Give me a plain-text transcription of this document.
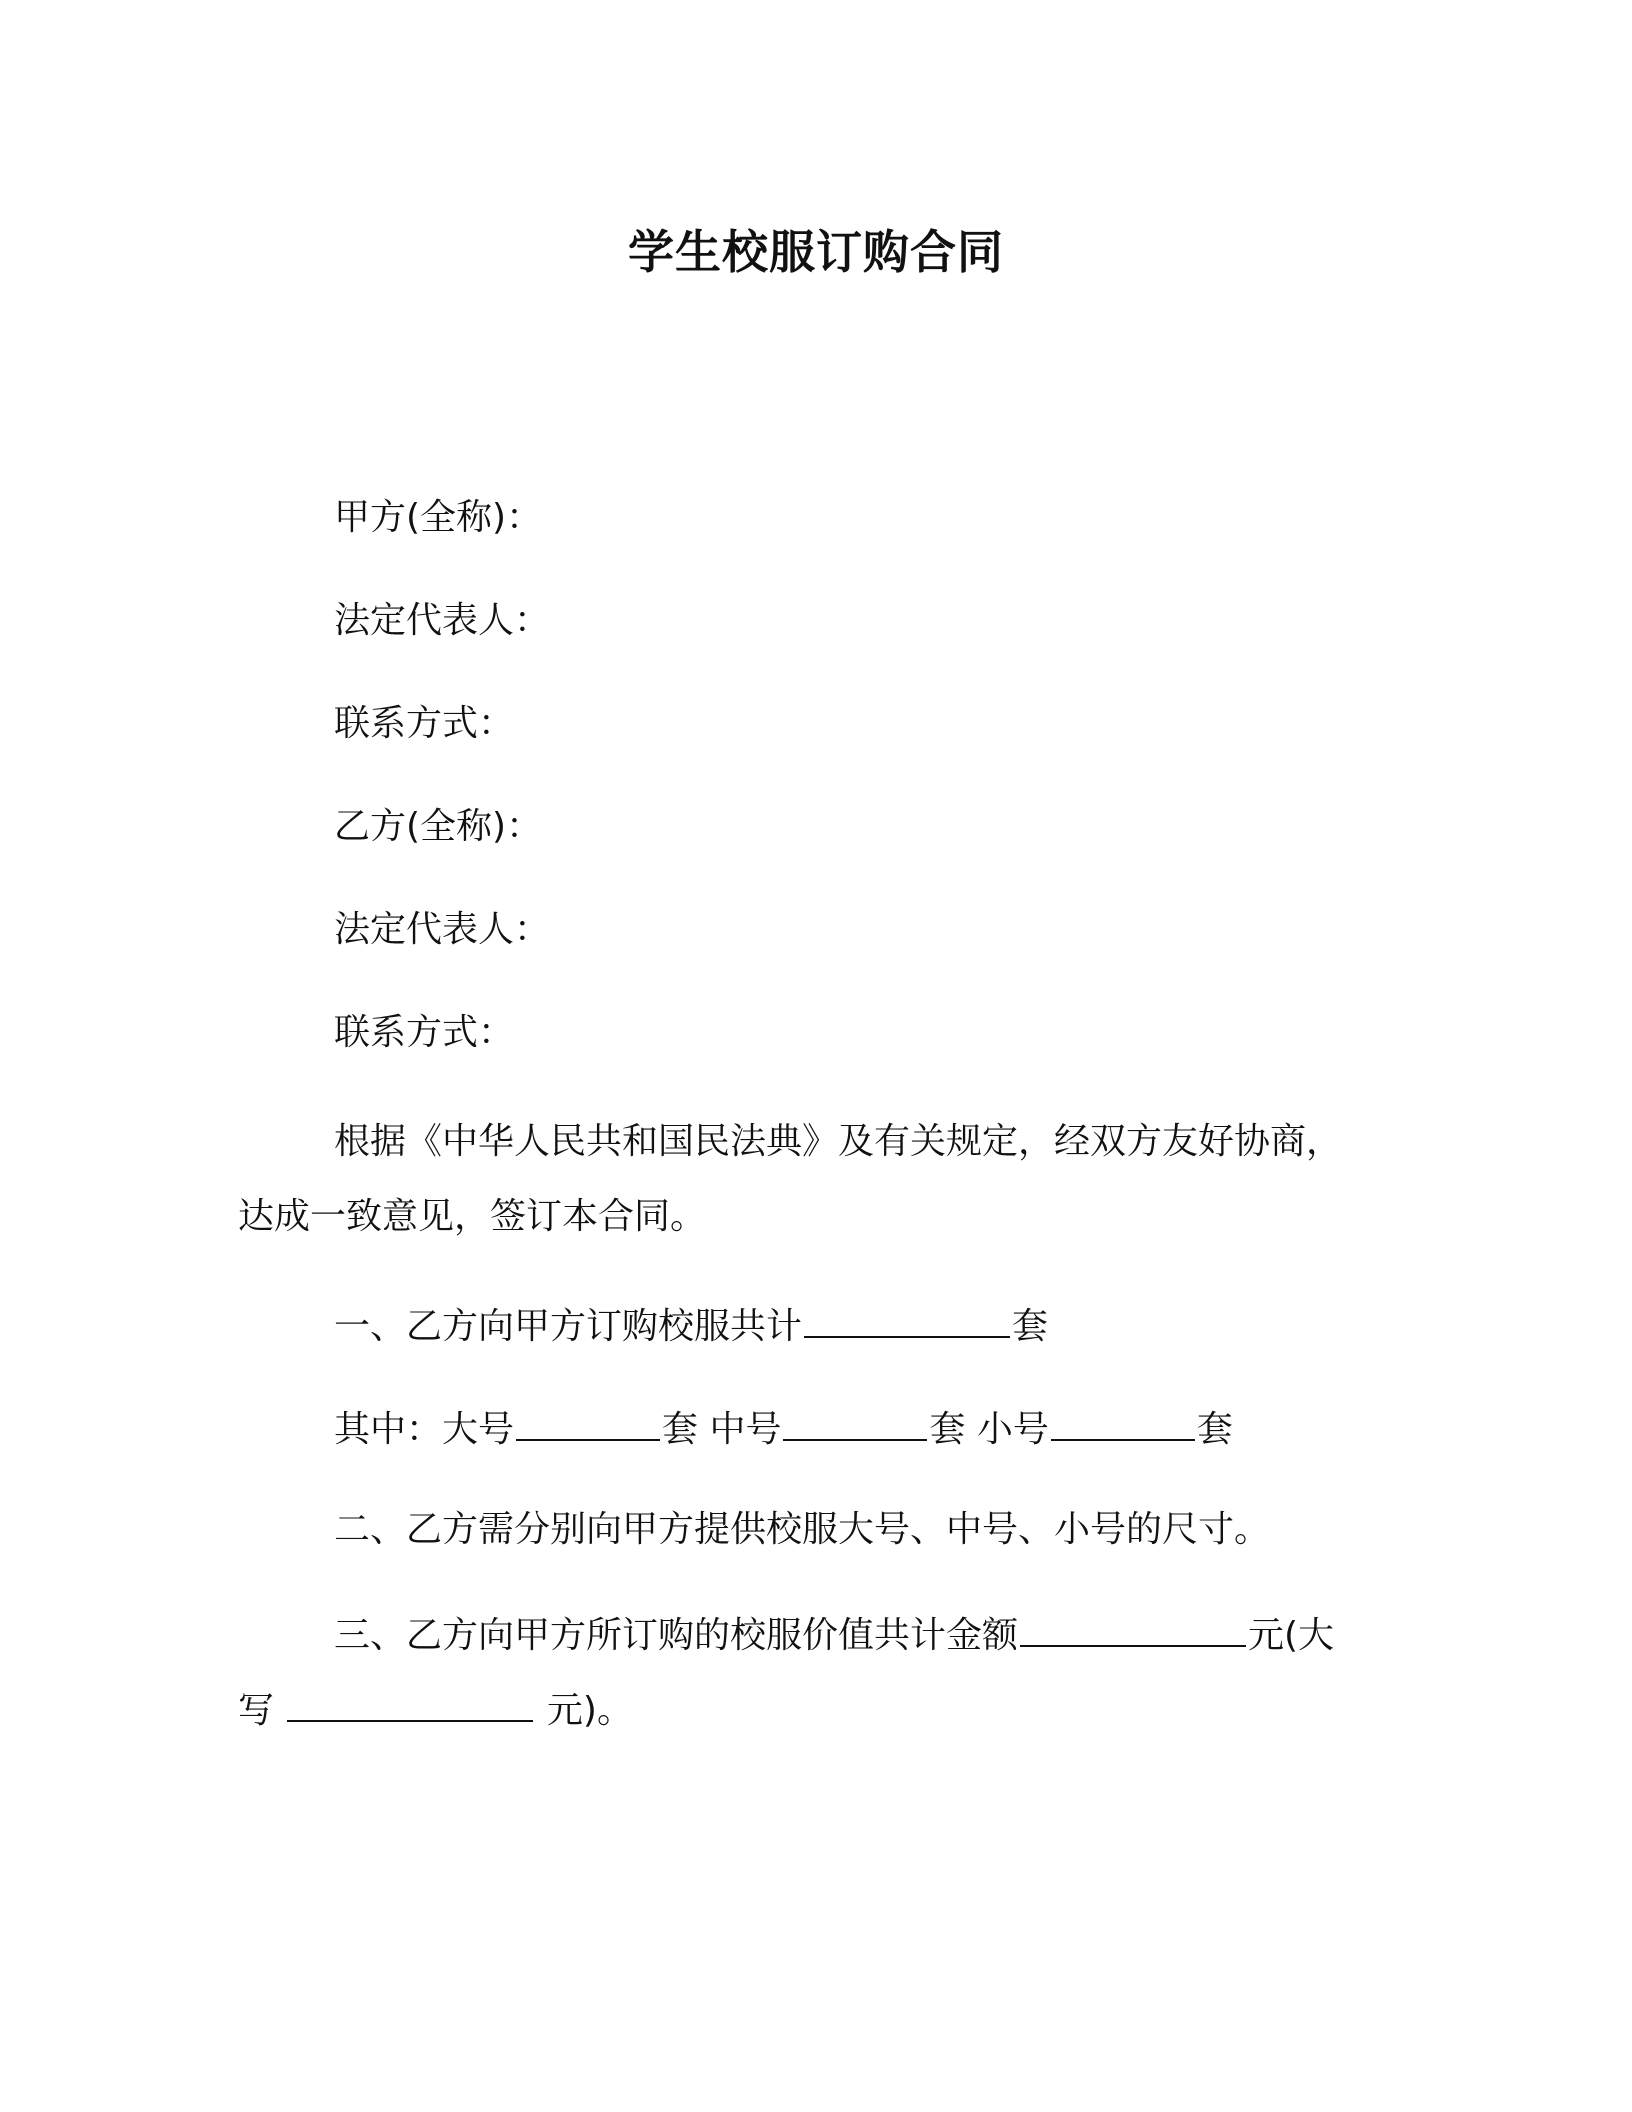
学生校服订购合同

甲方(全称)：

法定代表人：

联系方式：

乙方(全称)：

法定代表人：

联系方式：

根据《中华人民共和国民法典》及有关规定，经双方友好协商，

达成一致意见，签订本合同。

一、乙方向甲方订购校服共计	套

其中：大号	套 中号	套 小号	套

二、乙方需分别向甲方提供校服大号、中号、小号的尺寸。

三、乙方向甲方所订购的校服价值共计金额	元(大

写	元)。
